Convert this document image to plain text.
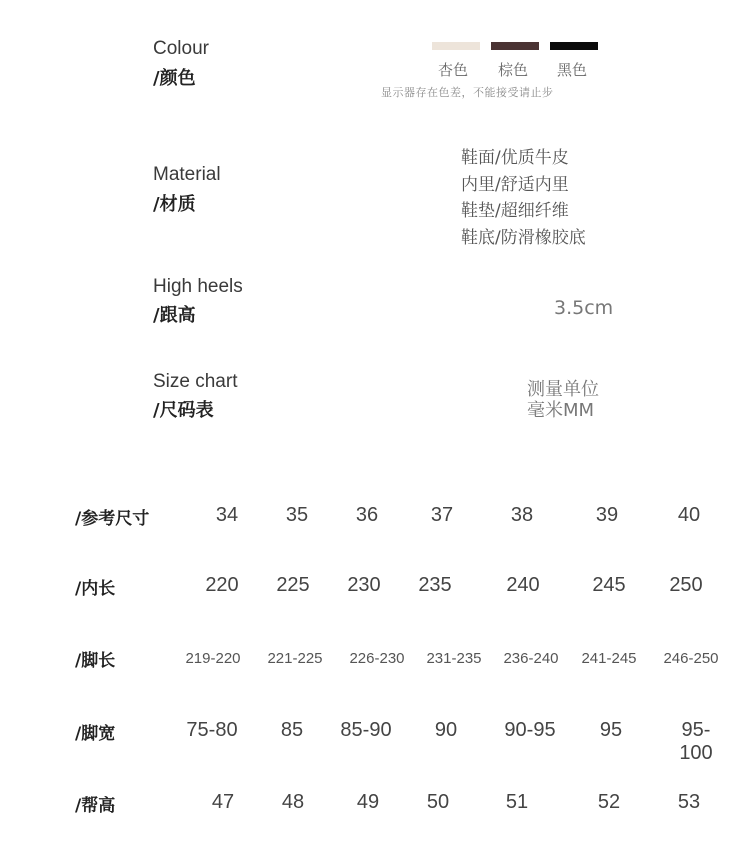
Colour
/颜色	杏色 棕色 黑色
显示器存在色差，不能接受请止步
Material
/材质
鞋面/优质牛皮
内里/舒适内里
鞋垫/超细纤维
鞋底/防滑橡胶底
High heels
/跟高	3.5cm
Size chart
/尺码表
测量单位
毫米MM
/参考尺寸	34 35 36	37	38	39	40
/内长	220 225 230 235	240	245 250
/脚长	219-220 221-225 226-230 231-235 236-240 241-245 246-250
/脚宽	75-80 85 85-90 90 90-95 95	95-100
/帮高	47 48	49 50	51	52	53
